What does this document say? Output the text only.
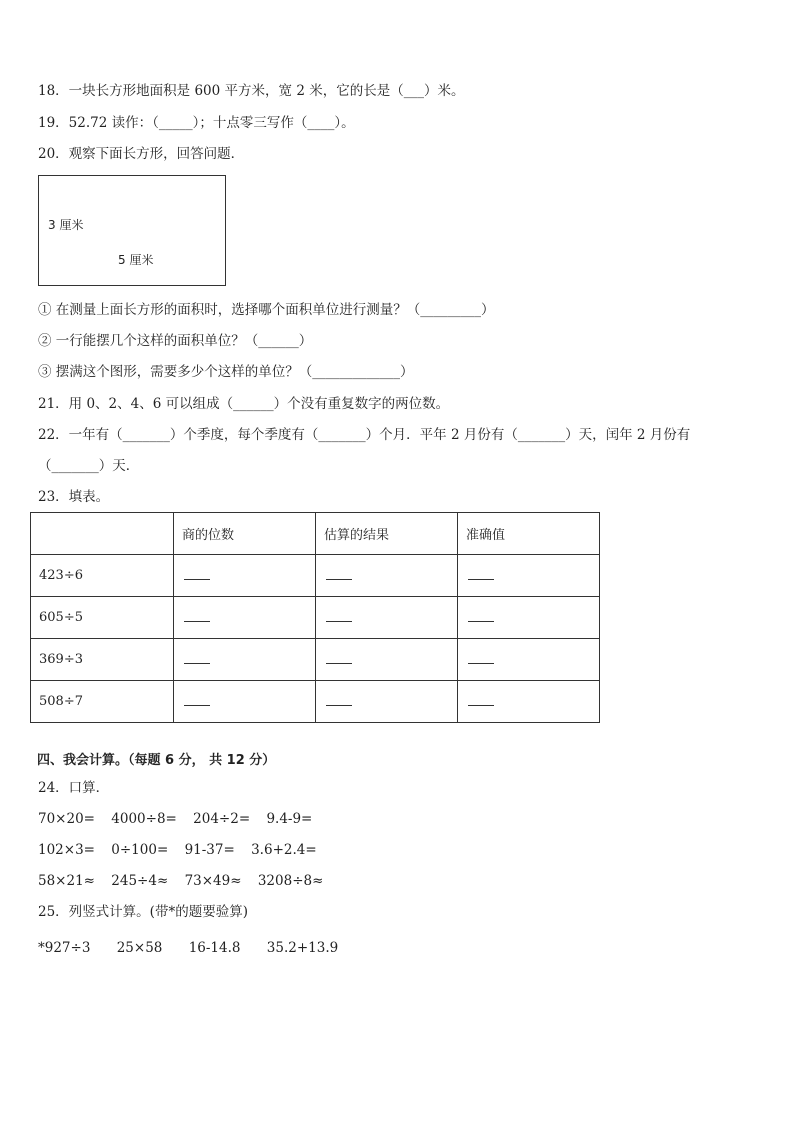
18．一块长方形地面积是 600 平方米，宽 2 米，它的长是（___）米。
19．52.72 读作：（_____）；十点零三写作（____）。
20．观察下面长方形，回答问题．
3 厘米
5 厘米
① 在测量上面长方形的面积时，选择哪个面积单位进行测量？（_________）
② 一行能摆几个这样的面积单位？（______）
③ 摆满这个图形，需要多少个这样的单位？（_____________）
21．用 0、2、4、6 可以组成（______）个没有重复数字的两位数。
22．一年有（_______）个季度，每个季度有（_______）个月．平年 2 月份有（_______）天，闰年 2 月份有
（_______）天．
23．填表。
	商的位数	估算的结果	准确值
423÷6			
605÷5			
369÷3			
508÷7			
四、我会计算。（每题 6 分， 共 12 分）
24．口算．
70×20= 4000÷8= 204÷2= 9.4-9=
102×3= 0÷100= 91-37= 3.6+2.4=
58×21≈ 245÷4≈ 73×49≈ 3208÷8≈
25．列竖式计算。(带*的题要验算)
*927÷3 25×58 16-14.8 35.2+13.9
